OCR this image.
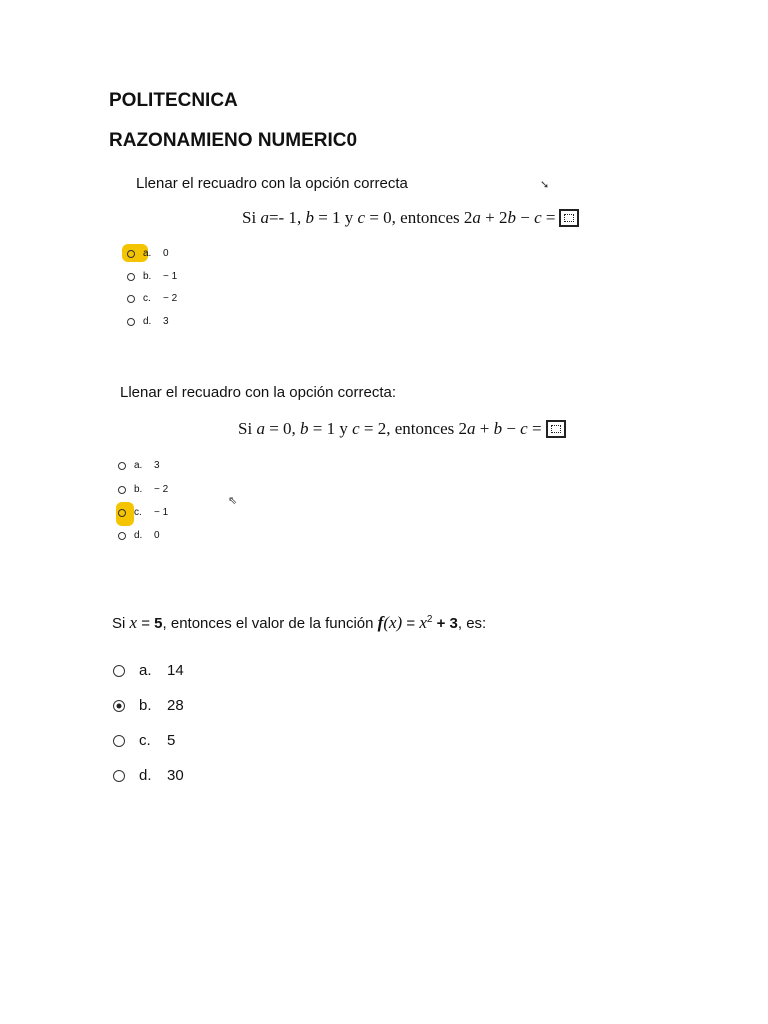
POLITECNICA
RAZONAMIENO NUMERIC0
Llenar el recuadro con la opción correcta	➘
Si a=- 1, b = 1 y c = 0, entonces 2a + 2b − c =
a.	0
b.	− 1
c.	− 2
d.	3
Llenar el recuadro con la opción correcta:
Si a = 0, b = 1 y c = 2, entonces 2a + b − c =
a.	3
b.	− 2
⇖
c.	− 1
d.	0
Si x = 5, entonces el valor de la función $f(x) = x^2 + 3$, es:
a.	14
b.	28
c.	5
d.	30
